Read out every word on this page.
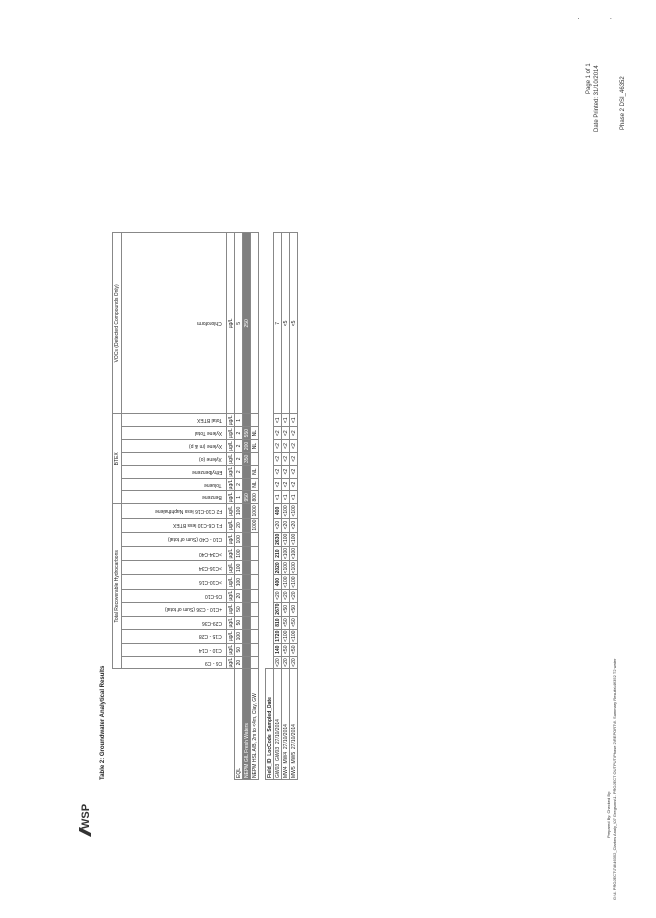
. .
Phase 2 DSI_46352
Page 1 of 1 Date Printed: 31/10/2014
WSP	Prepared By: Checked By: G:\4. PROJECT\7\8\46352_Clarkes Analy_\07 Gregsons\1. PROJECT OUTPUT\Phase 2\REPORT\6. Summary Results\46352 T2 water
Table 2: Groundwater Analytical Results
	Total Recoverable Hydrocarbons												BTEX							VOCs (Detected Compounds Only)
	C6 - C9	C10 - C14	C15 - C28	C29-C36	+C10 - C36 (Sum of total)	C6-C10	>C10-C16	>C16-C34	>C34-C40	C10 - C40 (Sum of total)	F1 C6-C10 less BTEX	F2 C10-C16 less Naphthalene	Benzene	Toluene	Ethylbenzene	Xylene (o)	Xylene (m & p)	Xylene Total	Total BTEX	Chloroform
	µg/L	µg/L	µg/L	µg/L	µg/L	µg/L	µg/L	µg/L	µg/L	µg/L	µg/L	µg/L	µg/L	µg/L	µg/L	µg/L	µg/L	µg/L	µg/L	µg/L
EQL	20	50	100	50	50	20	100	100	100	100	20	100	1	2	2	2	2	2	1	5
NEPM GIL Fresh Waters													950			350	200	550		250
NEPM HSL A/B, 2m to <4m, Clay, GW											1000	1000	800	NL	NL		NL	NL		

Field_ID  LocCode  Sampled_Date																				
GW03  GW03  27/10/2014	<20	140	1720	810	2670	<20	400	2020	210	2630	<20	400	<1	<2	<2	<2	<2	<2	<1	7
MW4  MW4  27/10/2014	<20	<50	<100	<50	<50	<20	<100	<100	<100	<100	<20	<100	<1	<2	<2	<2	<2	<2	<1	<5
MW5  MW5  27/10/2014	<20	<50	<100	<50	<50	<20	<100	<100	<100	<100	<20	<100	<1	<2	<2	<2	<2	<2	<1	<5
